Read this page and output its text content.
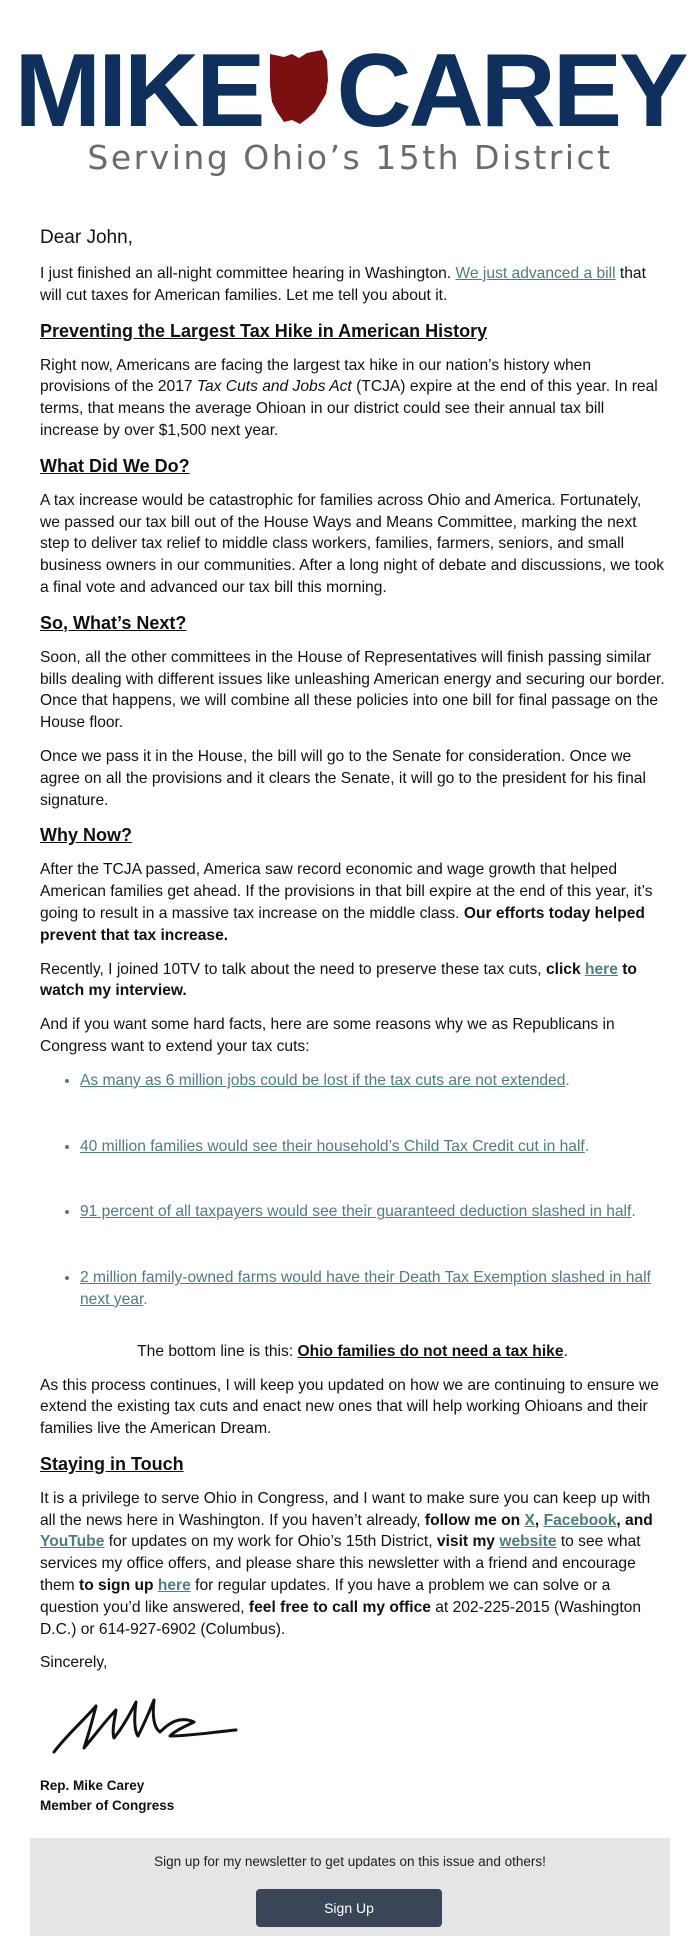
MIKE CAREY
Serving Ohio’s 15th District

Dear John,

I just finished an all-night committee hearing in Washington. We just advanced a bill that will cut taxes for American families. Let me tell you about it.

Preventing the Largest Tax Hike in American History

Right now, Americans are facing the largest tax hike in our nation’s history when provisions of the 2017 Tax Cuts and Jobs Act (TCJA) expire at the end of this year. In real terms, that means the average Ohioan in our district could see their annual tax bill increase by over $1,500 next year.

What Did We Do?

A tax increase would be catastrophic for families across Ohio and America. Fortunately, we passed our tax bill out of the House Ways and Means Committee, marking the next step to deliver tax relief to middle class workers, families, farmers, seniors, and small business owners in our communities. After a long night of debate and discussions, we took a final vote and advanced our tax bill this morning.

So, What’s Next?

Soon, all the other committees in the House of Representatives will finish passing similar bills dealing with different issues like unleashing American energy and securing our border. Once that happens, we will combine all these policies into one bill for final passage on the House floor.

Once we pass it in the House, the bill will go to the Senate for consideration. Once we agree on all the provisions and it clears the Senate, it will go to the president for his final signature.

Why Now?

After the TCJA passed, America saw record economic and wage growth that helped American families get ahead. If the provisions in that bill expire at the end of this year, it’s going to result in a massive tax increase on the middle class. Our efforts today helped prevent that tax increase.

Recently, I joined 10TV to talk about the need to preserve these tax cuts, click here to watch my interview.

And if you want some hard facts, here are some reasons why we as Republicans in Congress want to extend your tax cuts:

• As many as 6 million jobs could be lost if the tax cuts are not extended.
• 40 million families would see their household’s Child Tax Credit cut in half.
• 91 percent of all taxpayers would see their guaranteed deduction slashed in half.
• 2 million family-owned farms would have their Death Tax Exemption slashed in half next year.

The bottom line is this: Ohio families do not need a tax hike.

As this process continues, I will keep you updated on how we are continuing to ensure we extend the existing tax cuts and enact new ones that will help working Ohioans and their families live the American Dream.

Staying in Touch

It is a privilege to serve Ohio in Congress, and I want to make sure you can keep up with all the news here in Washington. If you haven’t already, follow me on X, Facebook, and YouTube for updates on my work for Ohio’s 15th District, visit my website to see what services my office offers, and please share this newsletter with a friend and encourage them to sign up here for regular updates. If you have a problem we can solve or a question you’d like answered, feel free to call my office at 202-225-2015 (Washington D.C.) or 614-927-6902 (Columbus).

Sincerely,

Rep. Mike Carey
Member of Congress
Sign up for my newsletter to get updates on this issue and others!
Sign Up
